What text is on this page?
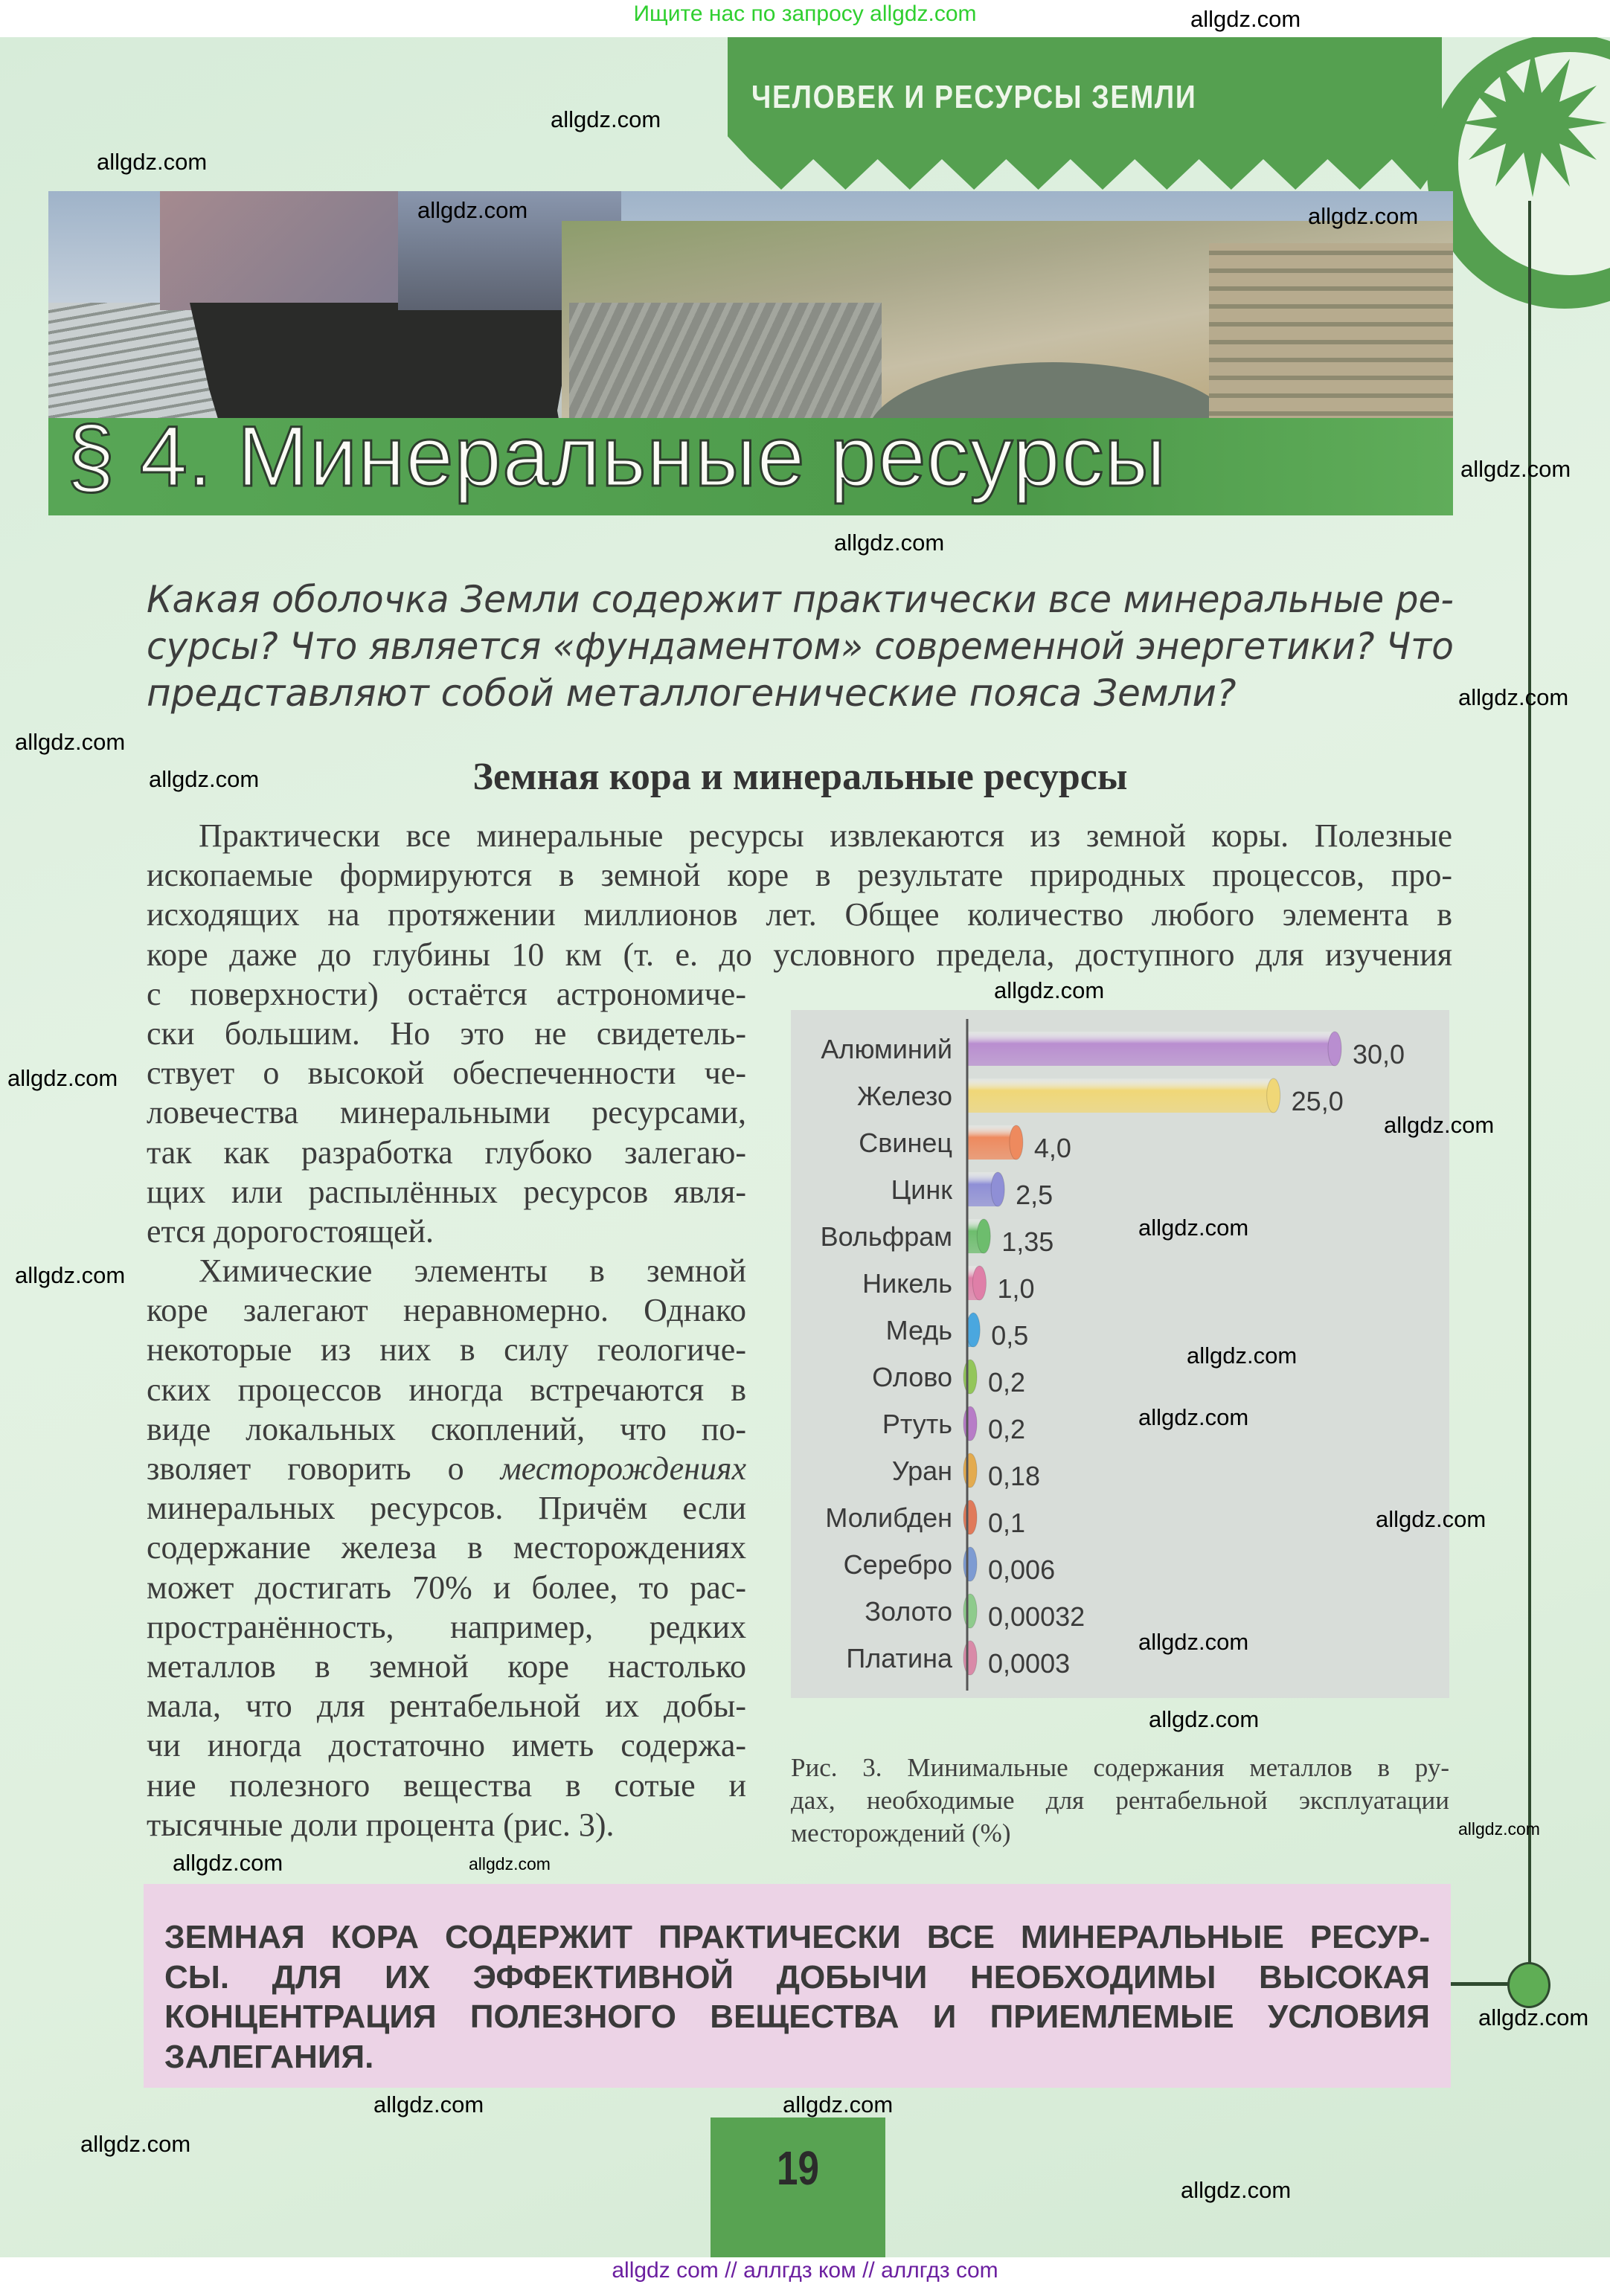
Ищите нас по запросу allgdz.com
ЧЕЛОВЕК И РЕСУРСЫ ЗЕМЛИ
§ 4. Минеральные ресурсы
Какая оболочка Земли содержит практически все минеральные ре-
сурсы? Что является «фундаментом» современной энергетики? Что
представляют собой металлогенические пояса Земли?
Земная кора и минеральные ресурсы
Практически все минеральные ресурсы извлекаются из земной коры. Полезные
ископаемые формируются в земной коре в результате природных процессов, про-
исходящих на протяжении миллионов лет. Общее количество любого элемента в
коре даже до глубины 10 км (т. е. до условного предела, доступного для изучения
с поверхности) остаётся астрономиче-
ски большим. Но это не свидетель-
ствует о высокой обеспеченности че-
ловечества минеральными ресурсами,
так как разработка глубоко залегаю-
щих или распылённых ресурсов явля-
ется дорогостоящей.
Химические элементы в земной
коре залегают неравномерно. Однако
некоторые из них в силу геологиче-
ских процессов иногда встречаются в
виде локальных скоплений, что по-
зволяет говорить о месторождениях
минеральных ресурсов. Причём если
содержание железа в месторождениях
может достигать 70% и более, то рас-
пространённость, например, редких
металлов в земной коре настолько
мала, что для рентабельной их добы-
чи иногда достаточно иметь содержа-
ние полезного вещества в сотые и
тысячные доли процента (рис. 3).
Алюминий	30,0
Железо	25,0
Свинец	4,0
Цинк 2,5
Вольфрам 1,35
Никель 1,0
Медь 0,5
Олово 0,2
Ртуть 0,2
Уран 0,18
Молибден 0,1
Серебро 0,006
Золото 0,00032
Платина 0,0003
Рис. 3. Минимальные содержания металлов в ру-
дах, необходимые для рентабельной эксплуатации
месторождений (%)
ЗЕМНАЯ КОРА СОДЕРЖИТ ПРАКТИЧЕСКИ ВСЕ МИНЕРАЛЬНЫЕ РЕСУР-
СЫ. ДЛЯ ИХ ЭФФЕКТИВНОЙ ДОБЫЧИ НЕОБХОДИМЫ ВЫСОКАЯ
КОНЦЕНТРАЦИЯ ПОЛЕЗНОГО ВЕЩЕСТВА И ПРИЕМЛЕМЫЕ УСЛОВИЯ
ЗАЛЕГАНИЯ.
19
allgdz.com
allgdz.com
allgdz.com
allgdz.com
allgdz.com
allgdz.com
allgdz.com
allgdz.com
allgdz.com
allgdz.com
allgdz.com
allgdz.com
allgdz.com
allgdz.com
allgdz.com
allgdz.com
allgdz.com
allgdz.com
allgdz.com
allgdz.com
allgdz.com
allgdz.com	allgdz.com
allgdz.com
allgdz.com
allgdz.com
allgdz.com
allgdz.com
allgdz com // аллгдз ком // аллгдз com
